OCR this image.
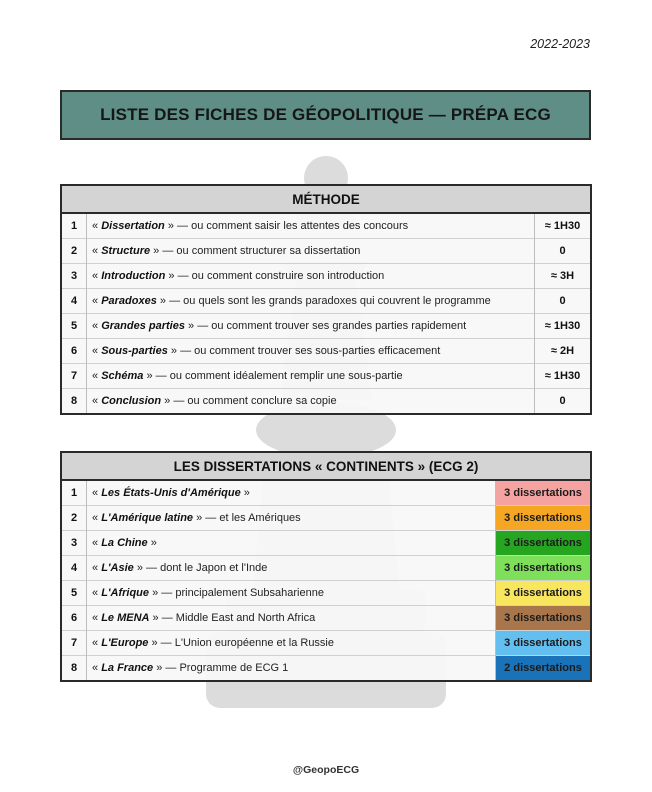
2022-2023
LISTE DES FICHES DE GÉOPOLITIQUE — PRÉPA ECG
MÉTHODE		
1	« Dissertation » — ou comment saisir les attentes des concours	≈ 1H30
2	« Structure » — ou comment structurer sa dissertation	0
3	« Introduction » — ou comment construire son introduction	≈ 3H
4	« Paradoxes » — ou quels sont les grands paradoxes qui couvrent le programme	0
5	« Grandes parties » — ou comment trouver ses grandes parties rapidement	≈ 1H30
6	« Sous-parties » — ou comment trouver ses sous-parties efficacement	≈ 2H
7	« Schéma » — ou comment idéalement remplir une sous-partie	≈ 1H30
8	« Conclusion » — ou comment conclure sa copie	0
LES DISSERTATIONS « CONTINENTS » (ECG 2)		
1	« Les États-Unis d'Amérique »	3 dissertations
2	« L'Amérique latine » — et les Amériques	3 dissertations
3	« La Chine »	3 dissertations
4	« L'Asie » — dont le Japon et l'Inde	3 dissertations
5	« L'Afrique » — principalement Subsaharienne	3 dissertations
6	« Le MENA » — Middle East and North Africa	3 dissertations
7	« L'Europe » — L'Union européenne et la Russie	3 dissertations
8	« La France » — Programme de ECG 1	2 dissertations
@GeopoECG
